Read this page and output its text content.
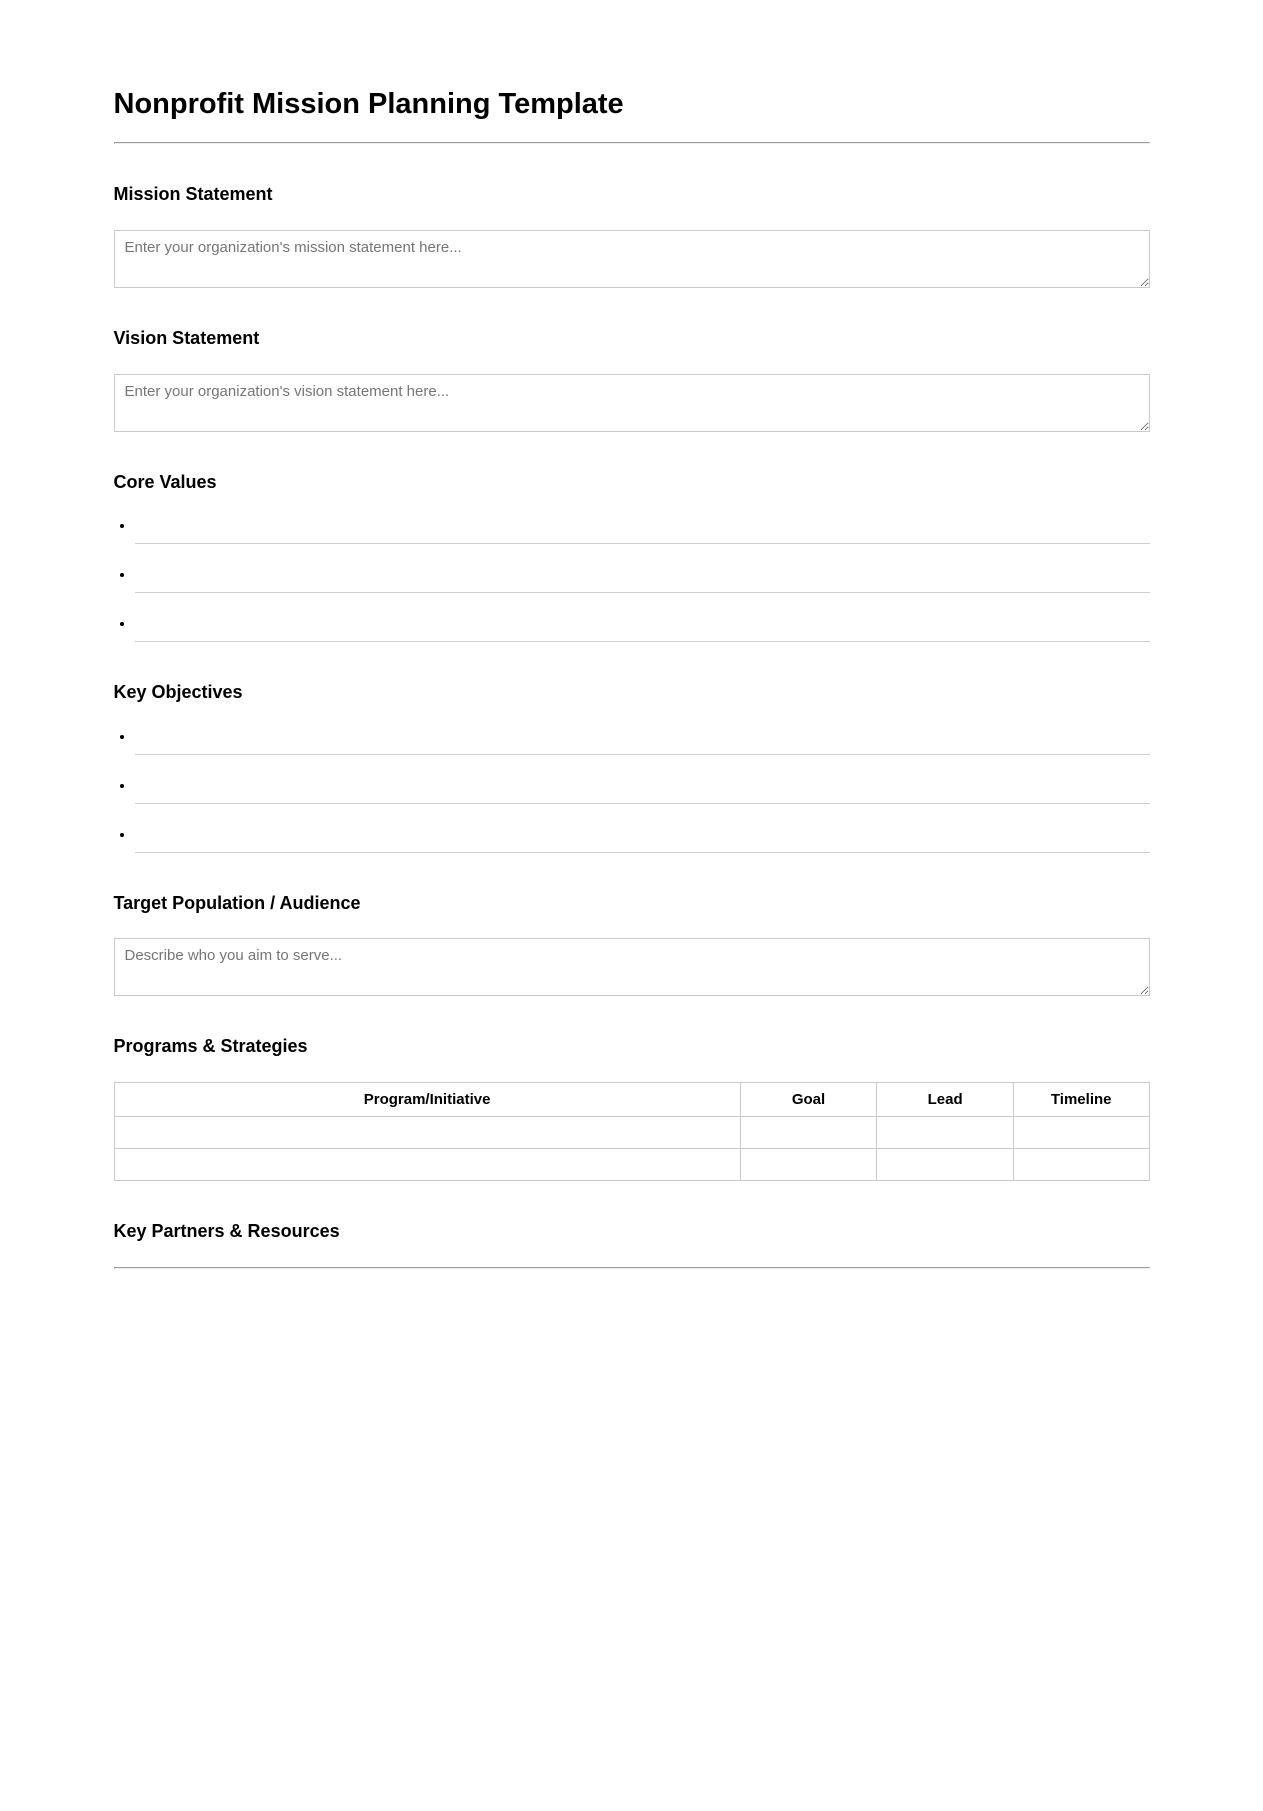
Nonprofit Mission Planning Template
Mission Statement
Enter your organization's mission statement here...
Vision Statement
Enter your organization's vision statement here...
Core Values
•
•
•
Key Objectives
•
•
•
Target Population / Audience
Describe who you aim to serve...
Programs & Strategies
Program/Initiative	Goal	Lead	Timeline

Key Partners & Resources
